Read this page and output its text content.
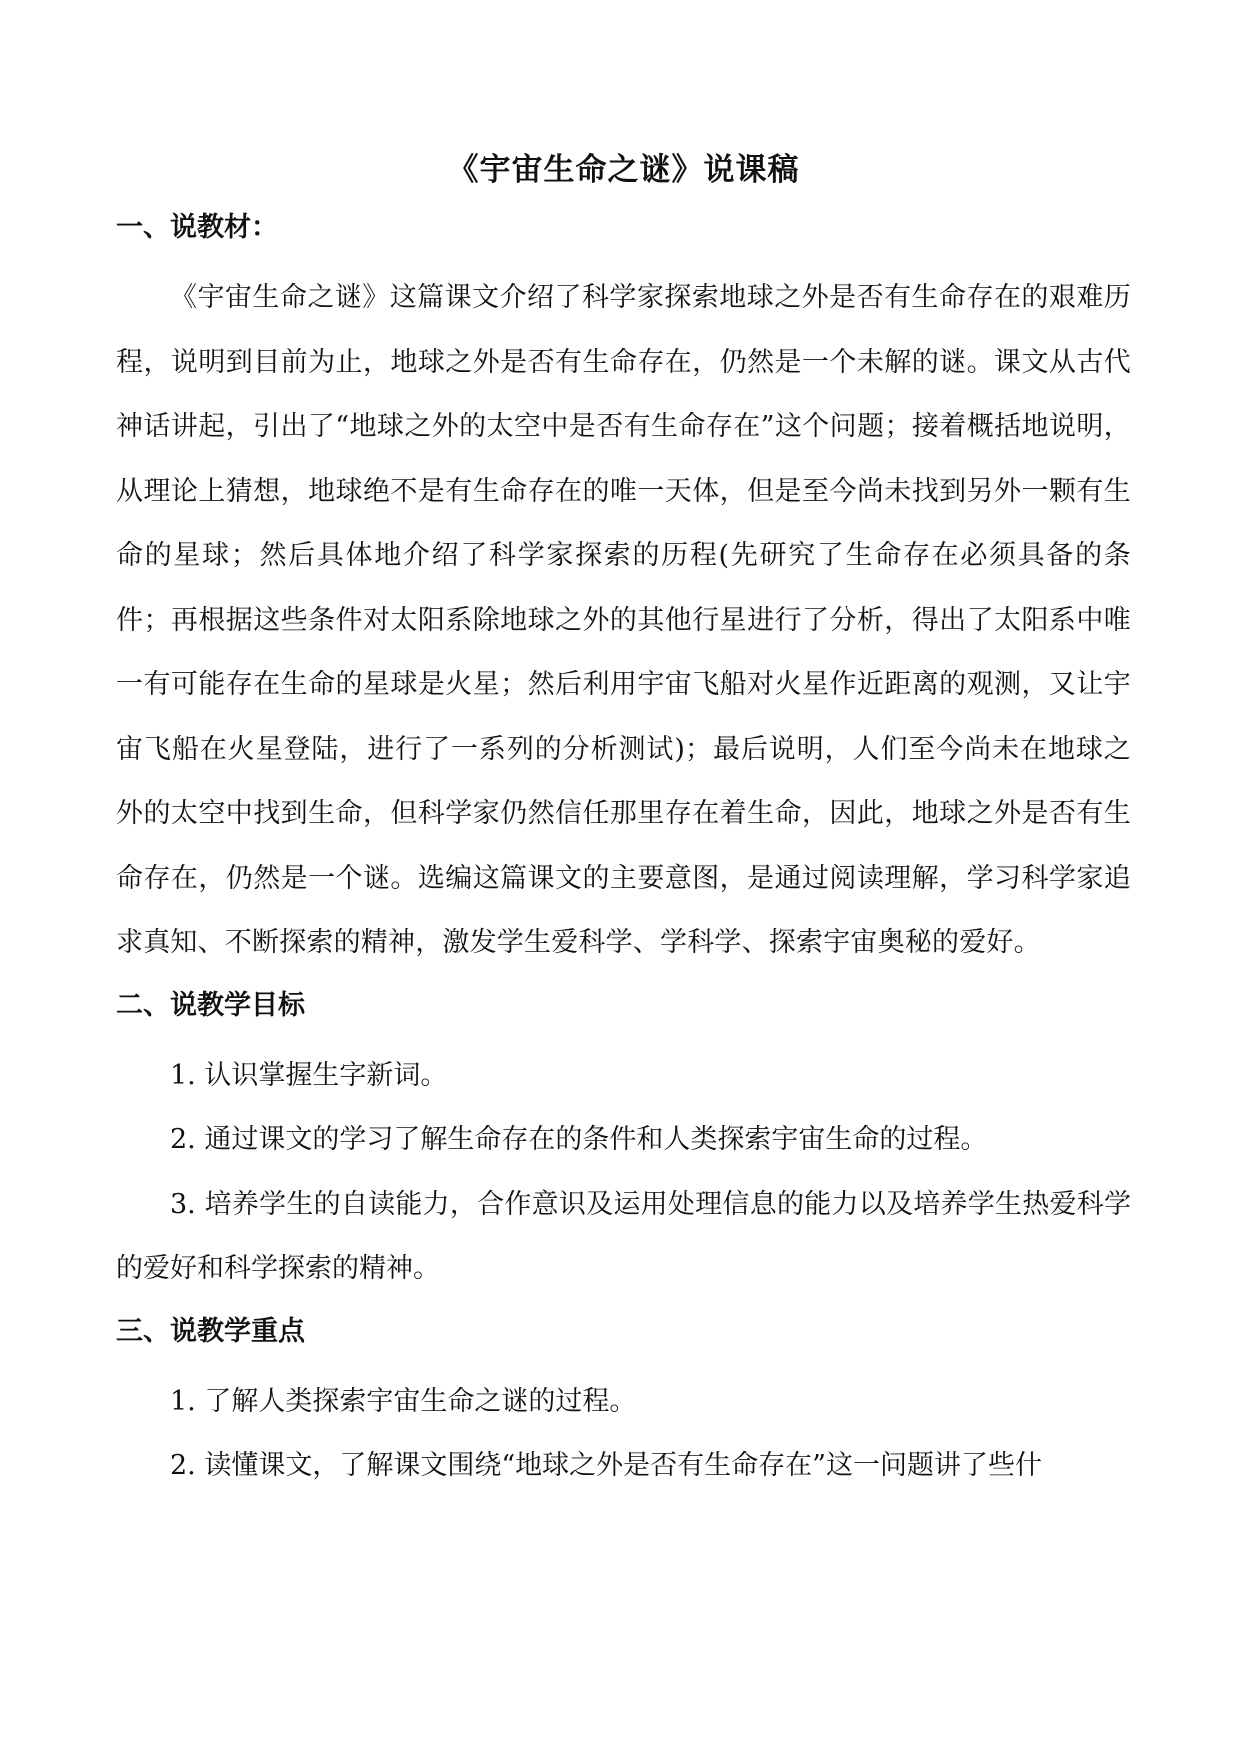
《宇宙生命之谜》说课稿
一、说教材：

《宇宙生命之谜》这篇课文介绍了科学家探索地球之外是否有生命存在的艰难历程，说明到目前为止，地球之外是否有生命存在，仍然是一个未解的谜。课文从古代神话讲起，引出了“地球之外的太空中是否有生命存在”这个问题；接着概括地说明，从理论上猜想，地球绝不是有生命存在的唯一天体，但是至今尚未找到另外一颗有生命的星球；然后具体地介绍了科学家探索的历程(先研究了生命存在必须具备的条件；再根据这些条件对太阳系除地球之外的其他行星进行了分析，得出了太阳系中唯一有可能存在生命的星球是火星；然后利用宇宙飞船对火星作近距离的观测，又让宇宙飞船在火星登陆，进行了一系列的分析测试)；最后说明，人们至今尚未在地球之外的太空中找到生命，但科学家仍然信任那里存在着生命，因此，地球之外是否有生命存在，仍然是一个谜。选编这篇课文的主要意图，是通过阅读理解，学习科学家追求真知、不断探索的精神，激发学生爱科学、学科学、探索宇宙奥秘的爱好。

二、说教学目标

1. 认识掌握生字新词。

2. 通过课文的学习了解生命存在的条件和人类探索宇宙生命的过程。

3. 培养学生的自读能力，合作意识及运用处理信息的能力以及培养学生热爱科学的爱好和科学探索的精神。

三、说教学重点

1. 了解人类探索宇宙生命之谜的过程。

2. 读懂课文，了解课文围绕“地球之外是否有生命存在”这一问题讲了些什
